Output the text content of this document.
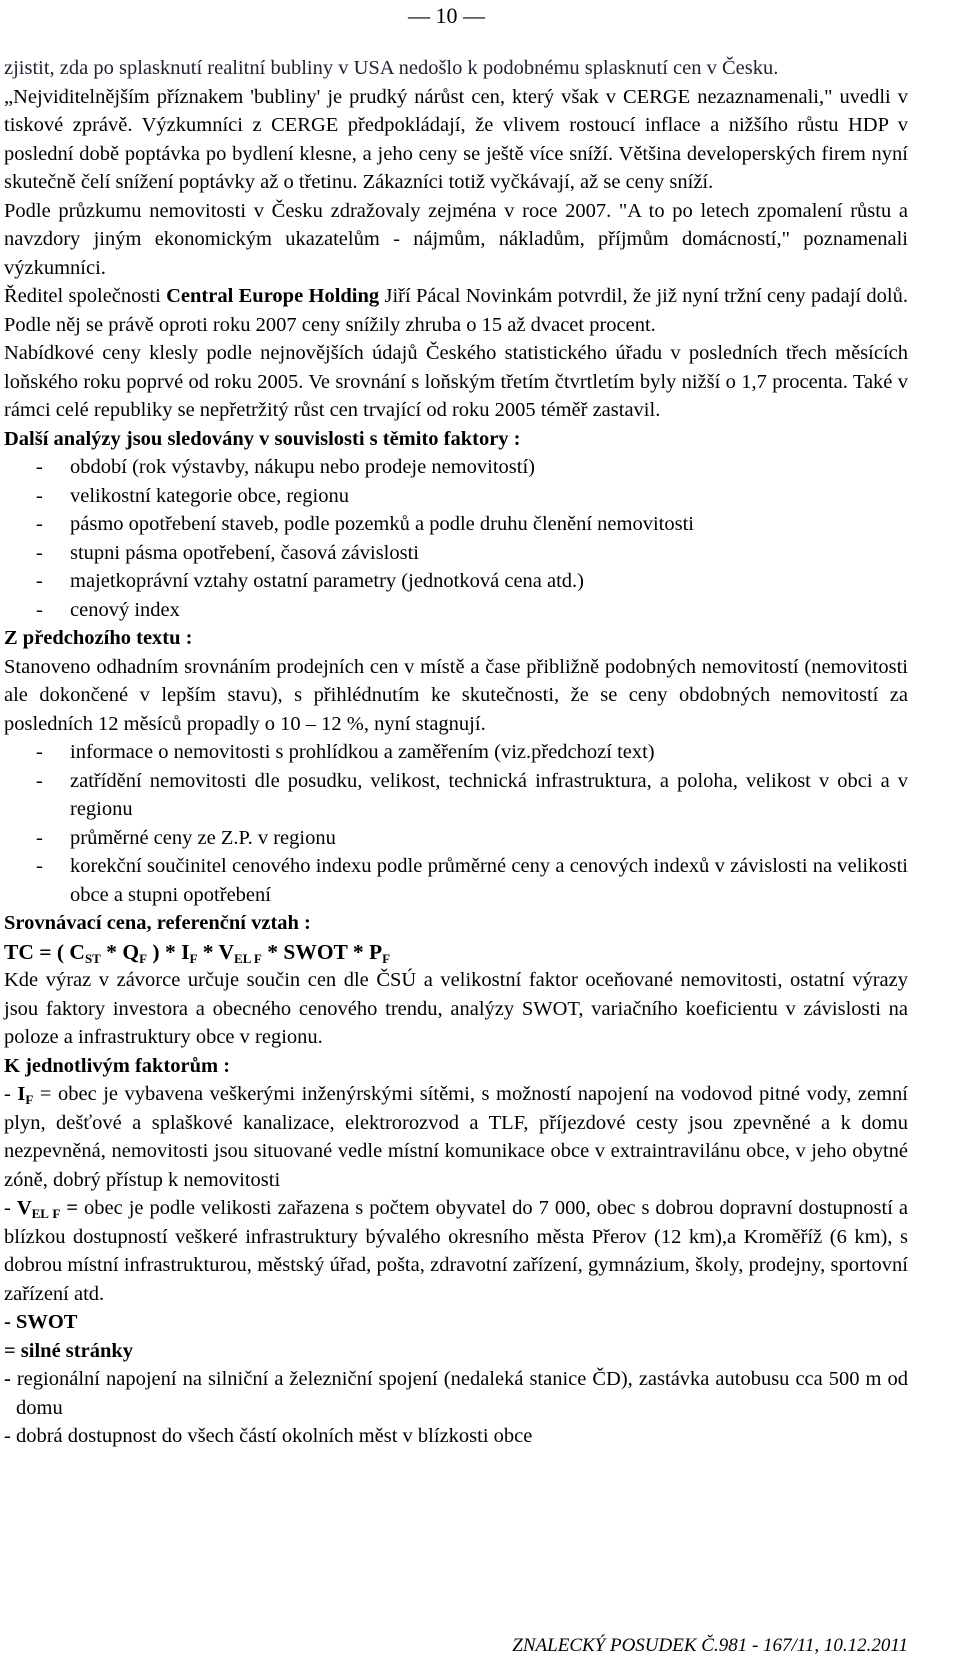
— 10 —

zjistit, zda po splasknutí realitní bubliny v USA nedošlo k podobnému splasknutí cen v Česku.

„Nejviditelnějším příznakem 'bubliny' je prudký nárůst cen, který však v CERGE nezaznamenali," uvedli v tiskové zprávě. Výzkumníci z CERGE předpokládají, že vlivem rostoucí inflace a nižšího růstu HDP v poslední době poptávka po bydlení klesne, a jeho ceny se ještě více sníží. Většina developerských firem nyní skutečně čelí snížení poptávky až o třetinu. Zákazníci totiž vyčkávají, až se ceny sníží.

Podle průzkumu nemovitosti v Česku zdražovaly zejména v roce 2007. "A to po letech zpomalení růstu a navzdory jiným ekonomickým ukazatelům - nájmům, nákladům, příjmům domácností," poznamenali výzkumníci.

Ředitel společnosti Central Europe Holding Jiří Pácal Novinkám potvrdil, že již nyní tržní ceny padají dolů. Podle něj se právě oproti roku 2007 ceny snížily zhruba o 15 až dvacet procent.

Nabídkové ceny klesly podle nejnovějších údajů Českého statistického úřadu v posledních třech měsících loňského roku poprvé od roku 2005. Ve srovnání s loňským třetím čtvrtletím byly nižší o 1,7 procenta. Také v rámci celé republiky se nepřetržitý růst cen trvající od roku 2005 téměř zastavil.

Další analýzy jsou sledovány v souvislosti s těmito faktory :

- období (rok výstavby, nákupu nebo prodeje nemovitostí)
- velikostní kategorie obce, regionu
- pásmo opotřebení staveb, podle pozemků a podle druhu členění nemovitosti
- stupni pásma opotřebení, časová závislosti
- majetkoprávní vztahy ostatní parametry (jednotková cena atd.)
- cenový index

Z předchozího textu :

Stanoveno odhadním srovnáním prodejních cen v místě a čase přibližně podobných nemovitostí (nemovitosti ale dokončené v lepším stavu), s přihlédnutím ke skutečnosti, že se ceny obdobných nemovitostí za posledních 12 měsíců propadly o 10 – 12 %, nyní stagnují.

- informace o nemovitosti s prohlídkou a zaměřením (viz.předchozí text)
- zatřídění nemovitosti dle posudku, velikost, technická infrastruktura, a poloha, velikost v obci a v regionu
- průměrné ceny ze Z.P. v regionu
- korekční součinitel cenového indexu podle průměrné ceny a cenových indexů v závislosti na velikosti obce a stupni opotřebení

Srovnávací cena, referenční vztah :

TC = ( $C_{ST} * Q_F$ ) * $I_F * V_{EL F}$ * SWOT * $P_F$

Kde výraz v závorce určuje součin cen dle ČSÚ a velikostní faktor oceňované nemovitosti, ostatní výrazy jsou faktory investora a obecného cenového trendu, analýzy SWOT, variačního koeficientu v závislosti na poloze a infrastruktury obce v regionu.

K jednotlivým faktorům :

- $I_F$ = obec je vybavena veškerými inženýrskými sítěmi, s možností napojení na vodovod pitné vody, zemní plyn, dešťové a splaškové kanalizace, elektrorozvod a TLF, příjezdové cesty jsou zpevněné a k domu nezpevněná, nemovitosti jsou situované vedle místní komunikace obce v extraintravilánu obce, v jeho obytné zóně, dobrý přístup k nemovitosti

- $V_{EL F}$ = obec je podle velikosti zařazena s počtem obyvatel do 7 000, obec s dobrou dopravní dostupností a blízkou dostupností veškeré infrastruktury bývalého okresního města Přerov (12 km),a Kroměříž (6 km), s dobrou místní infrastrukturou, městský úřad, pošta, zdravotní zařízení, gymnázium, školy, prodejny, sportovní zařízení atd.

- SWOT

= silné stránky

- regionální napojení na silniční a železniční spojení (nedaleká stanice ČD), zastávka autobusu cca 500 m od domu

- dobrá dostupnost do všech částí okolních měst v blízkosti obce

ZNALECKÝ POSUDEK Č.981 - 167/11, 10.12.2011
